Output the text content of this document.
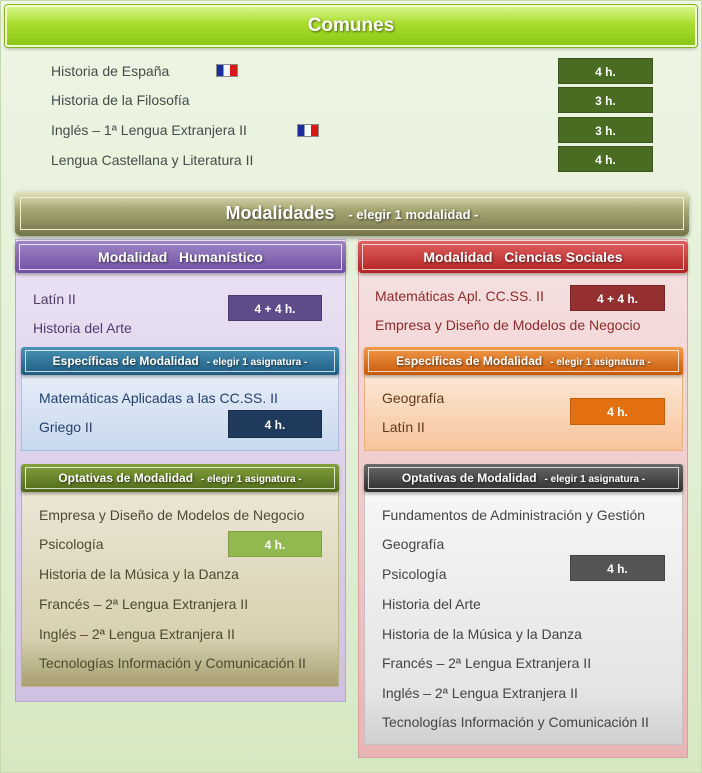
Comunes
Historia de España	4 h.
Historia de la Filosofía	3 h.
Inglés – 1ª Lengua Extranjera II	3 h.
Lengua Castellana y Literatura II	4 h.
Modalidades - elegir 1 modalidad -
Modalidad Humanístico	Modalidad Ciencias Sociales
Latín II
Historia del Arte
4 + 4 h.
Matemáticas Apl. CC.SS. II
Empresa y Diseño de Modelos de Negocio
4 + 4 h.
Específicas de Modalidad - elegir 1 asignatura -	Específicas de Modalidad - elegir 1 asignatura -
Matemáticas Aplicadas a las CC.SS. II
Griego II	4 h.
Geografía
Latín II
4 h.
Optativas de Modalidad - elegir 1 asignatura -	Optativas de Modalidad - elegir 1 asignatura -
Empresa y Diseño de Modelos de Negocio
Psicología
Historia de la Música y la Danza
Francés – 2ª Lengua Extranjera II
Inglés – 2ª Lengua Extranjera II
Tecnologías Información y Comunicación II
4 h.
Fundamentos de Administración y Gestión
Geografía
Psicología
Historia del Arte
Historia de la Música y la Danza
Francés – 2ª Lengua Extranjera II
Inglés – 2ª Lengua Extranjera II
Tecnologías Información y Comunicación II
4 h.
